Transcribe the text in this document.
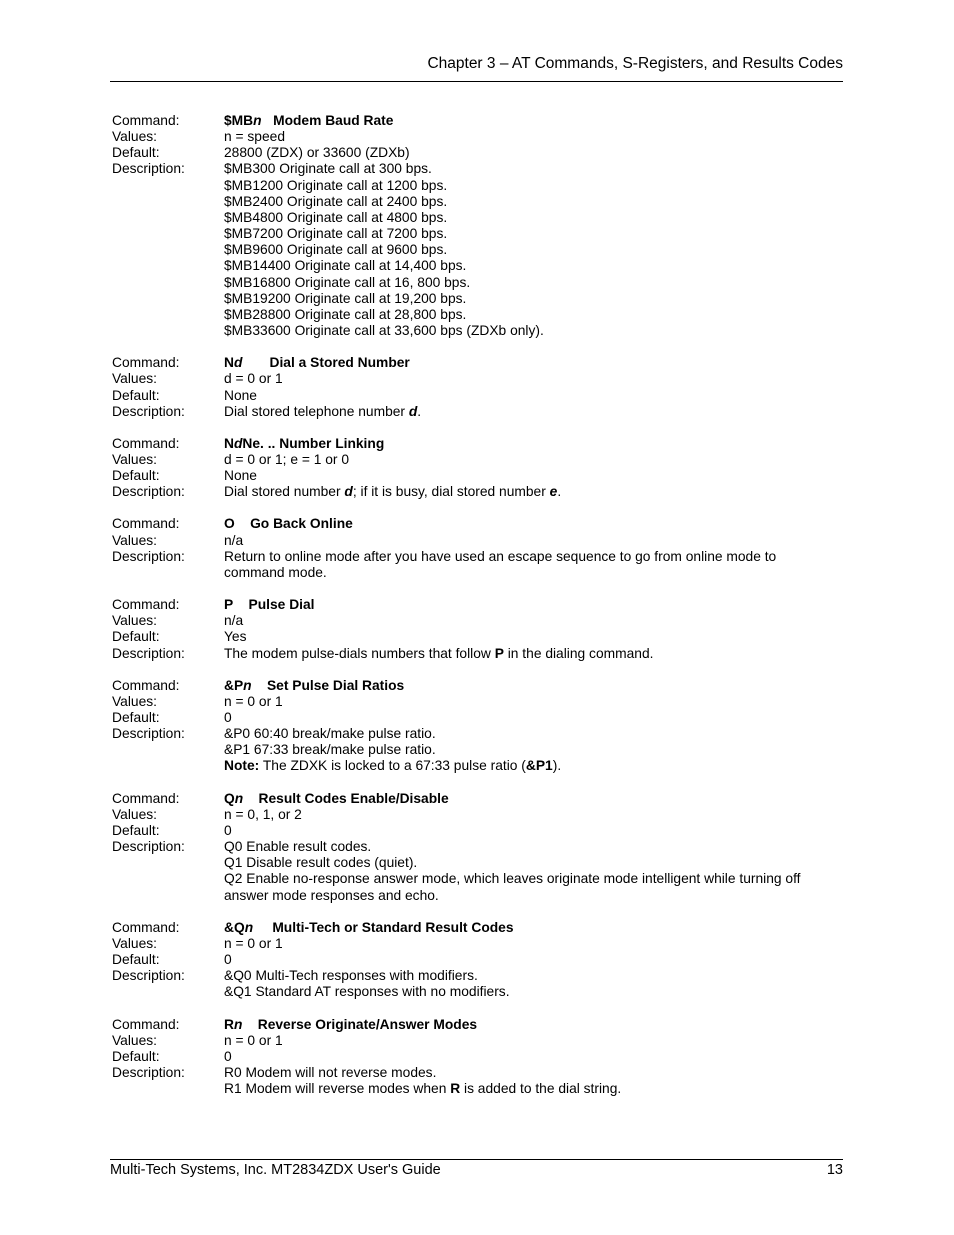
Chapter 3 – AT Commands, S-Registers, and Results Codes
Command:	$MBn Modem Baud Rate
Values:	n = speed
Default:	28800 (ZDX) or 33600 (ZDXb)
Description:	$MB300 Originate call at 300 bps.
$MB1200 Originate call at 1200 bps.
$MB2400 Originate call at 2400 bps.
$MB4800 Originate call at 4800 bps.
$MB7200 Originate call at 7200 bps.
$MB9600 Originate call at 9600 bps.
$MB14400 Originate call at 14,400 bps.
$MB16800 Originate call at 16, 800 bps.
$MB19200 Originate call at 19,200 bps.
$MB28800 Originate call at 28,800 bps.
$MB33600 Originate call at 33,600 bps (ZDXb only).
Command:	Nd Dial a Stored Number
Values:	d = 0 or 1
Default:	None
Description:	Dial stored telephone number d.
Command:	NdNe. .. Number Linking
Values:	d = 0 or 1; e = 1 or 0
Default:	None
Description:	Dial stored number d; if it is busy, dial stored number e.
Command:	O Go Back Online
Values:	n/a
Description:	Return to online mode after you have used an escape sequence to go from online mode to command mode.
Command:	P Pulse Dial
Values:	n/a
Default:	Yes
Description:	The modem pulse-dials numbers that follow P in the dialing command.
Command:	&Pn Set Pulse Dial Ratios
Values:	n = 0 or 1
Default:	0
Description:	&P0 60:40 break/make pulse ratio.
&P1 67:33 break/make pulse ratio.
Note: The ZDXK is locked to a 67:33 pulse ratio (&P1).
Command:	Qn Result Codes Enable/Disable
Values:	n = 0, 1, or 2
Default:	0
Description:	Q0 Enable result codes.
Q1 Disable result codes (quiet).
Q2 Enable no-response answer mode, which leaves originate mode intelligent while turning off answer mode responses and echo.
Command:	&Qn Multi-Tech or Standard Result Codes
Values:	n = 0 or 1
Default:	0
Description:	&Q0 Multi-Tech responses with modifiers.
&Q1 Standard AT responses with no modifiers.
Command:	Rn Reverse Originate/Answer Modes
Values:	n = 0 or 1
Default:	0
Description:	R0 Modem will not reverse modes.
R1 Modem will reverse modes when R is added to the dial string.
Multi-Tech Systems, Inc. MT2834ZDX User's Guide	13
